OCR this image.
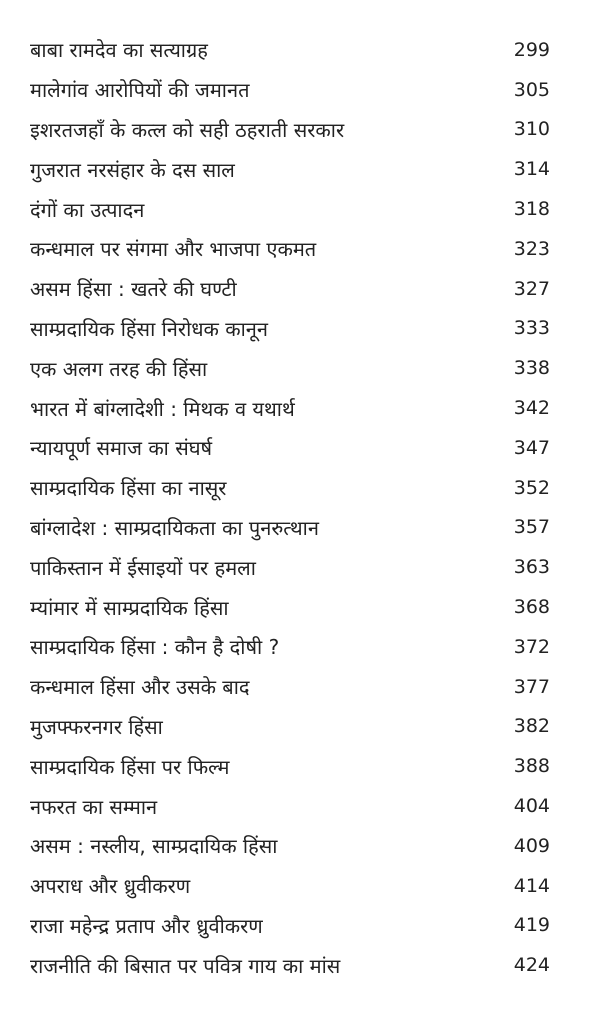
बाबा रामदेव का सत्याग्रह	299
मालेगांव आरोपियों की जमानत	305
इशरतजहाँ के कत्ल को सही ठहराती सरकार	310
गुजरात नरसंहार के दस साल	314
दंगों का उत्पादन	318
कन्धमाल पर संगमा और भाजपा एकमत	323
असम हिंसा : खतरे की घण्टी	327
साम्प्रदायिक हिंसा निरोधक कानून	333
एक अलग तरह की हिंसा	338
भारत में बांग्लादेशी : मिथक व यथार्थ	342
न्यायपूर्ण समाज का संघर्ष	347
साम्प्रदायिक हिंसा का नासूर	352
बांग्लादेश : साम्प्रदायिकता का पुनरुत्थान	357
पाकिस्तान में ईसाइयों पर हमला	363
म्यांमार में साम्प्रदायिक हिंसा	368
साम्प्रदायिक हिंसा : कौन है दोषी ?	372
कन्धमाल हिंसा और उसके बाद	377
मुजफ्फरनगर हिंसा	382
साम्प्रदायिक हिंसा पर फिल्म	388
नफरत का सम्मान	404
असम : नस्लीय, साम्प्रदायिक हिंसा	409
अपराध और ध्रुवीकरण	414
राजा महेन्द्र प्रताप और ध्रुवीकरण	419
राजनीति की बिसात पर पवित्र गाय का मांस	424
